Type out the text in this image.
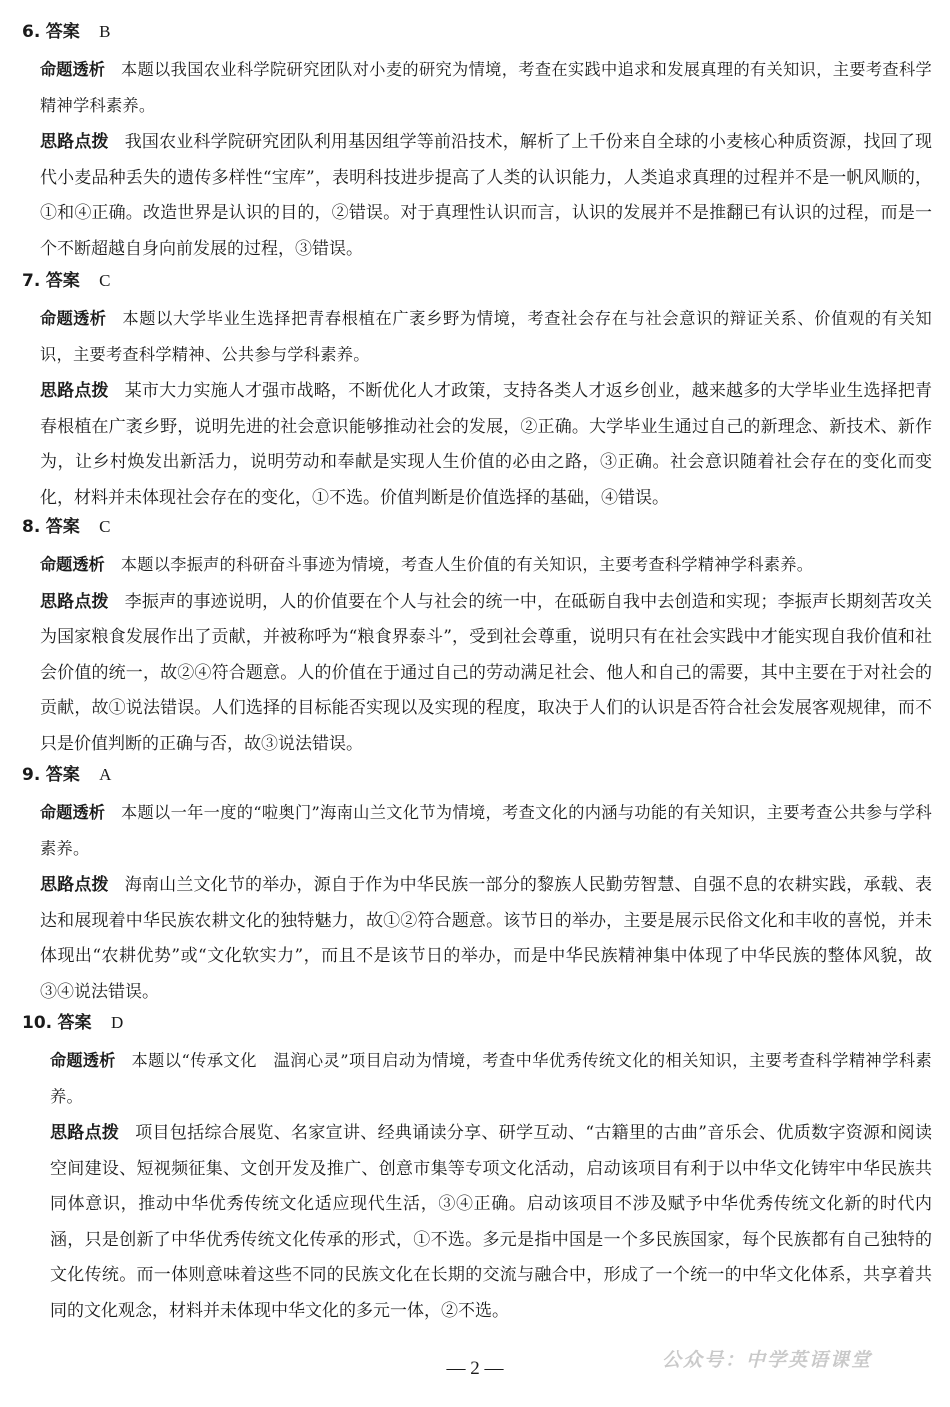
6. 答案 B
命题透析 本题以我国农业科学院研究团队对小麦的研究为情境，考查在实践中追求和发展真理的有关知识，主要考查科学精神学科素养。
思路点拨 我国农业科学院研究团队利用基因组学等前沿技术，解析了上千份来自全球的小麦核心种质资源，找回了现代小麦品种丢失的遗传多样性“宝库”，表明科技进步提高了人类的认识能力，人类追求真理的过程并不是一帆风顺的，①和④正确。改造世界是认识的目的，②错误。对于真理性认识而言，认识的发展并不是推翻已有认识的过程，而是一个不断超越自身向前发展的过程，③错误。
7. 答案 C
命题透析 本题以大学毕业生选择把青春根植在广袤乡野为情境，考查社会存在与社会意识的辩证关系、价值观的有关知识，主要考查科学精神、公共参与学科素养。
思路点拨 某市大力实施人才强市战略，不断优化人才政策，支持各类人才返乡创业，越来越多的大学毕业生选择把青春根植在广袤乡野，说明先进的社会意识能够推动社会的发展，②正确。大学毕业生通过自己的新理念、新技术、新作为，让乡村焕发出新活力，说明劳动和奉献是实现人生价值的必由之路，③正确。社会意识随着社会存在的变化而变化，材料并未体现社会存在的变化，①不选。价值判断是价值选择的基础，④错误。
8. 答案 C
命题透析 本题以李振声的科研奋斗事迹为情境，考查人生价值的有关知识，主要考查科学精神学科素养。
思路点拨 李振声的事迹说明，人的价值要在个人与社会的统一中，在砥砺自我中去创造和实现；李振声长期刻苦攻关为国家粮食发展作出了贡献，并被称呼为“粮食界泰斗”，受到社会尊重，说明只有在社会实践中才能实现自我价值和社会价值的统一，故②④符合题意。人的价值在于通过自己的劳动满足社会、他人和自己的需要，其中主要在于对社会的贡献，故①说法错误。人们选择的目标能否实现以及实现的程度，取决于人们的认识是否符合社会发展客观规律，而不只是价值判断的正确与否，故③说法错误。
9. 答案 A
命题透析 本题以一年一度的“啦奥门”海南山兰文化节为情境，考查文化的内涵与功能的有关知识，主要考查公共参与学科素养。
思路点拨 海南山兰文化节的举办，源自于作为中华民族一部分的黎族人民勤劳智慧、自强不息的农耕实践，承载、表达和展现着中华民族农耕文化的独特魅力，故①②符合题意。该节日的举办，主要是展示民俗文化和丰收的喜悦，并未体现出“农耕优势”或“文化软实力”，而且不是该节日的举办，而是中华民族精神集中体现了中华民族的整体风貌，故③④说法错误。
10. 答案 D
命题透析 本题以“传承文化　温润心灵”项目启动为情境，考查中华优秀传统文化的相关知识，主要考查科学精神学科素养。
思路点拨 项目包括综合展览、名家宣讲、经典诵读分享、研学互动、“古籍里的古曲”音乐会、优质数字资源和阅读空间建设、短视频征集、文创开发及推广、创意市集等专项文化活动，启动该项目有利于以中华文化铸牢中华民族共同体意识，推动中华优秀传统文化适应现代生活，③④正确。启动该项目不涉及赋予中华优秀传统文化新的时代内涵，只是创新了中华优秀传统文化传承的形式，①不选。多元是指中国是一个多民族国家，每个民族都有自己独特的文化传统。而一体则意味着这些不同的民族文化在长期的交流与融合中，形成了一个统一的中华文化体系，共享着共同的文化观念，材料并未体现中华文化的多元一体，②不选。
— 2 —	公众号：中学英语课堂
